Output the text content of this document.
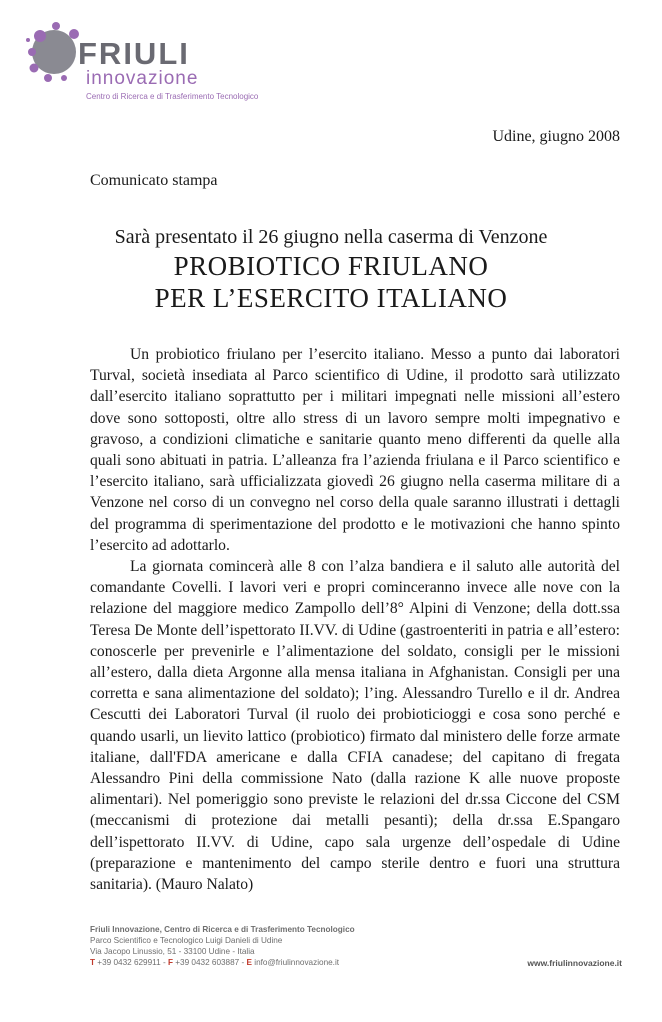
FRIULI
innovazione
Centro di Ricerca e di Trasferimento Tecnologico
Udine, giugno 2008
Comunicato stampa
Sarà presentato il 26 giugno nella caserma di Venzone
PROBIOTICO FRIULANO
PER L’ESERCITO ITALIANO

Un probiotico friulano per l’esercito italiano. Messo a punto dai laboratori Turval, società insediata al Parco scientifico di Udine, il prodotto sarà utilizzato dall’esercito italiano soprattutto per i militari impegnati nelle missioni all’estero dove sono sottoposti, oltre allo stress di un lavoro sempre molti impegnativo e gravoso, a condizioni climatiche e sanitarie quanto meno differenti da quelle alla quali sono abituati in patria. L’alleanza fra l’azienda friulana e il Parco scientifico e l’esercito italiano, sarà ufficializzata giovedì 26 giugno nella caserma militare di a Venzone nel corso di un convegno nel corso della quale saranno illustrati i dettagli del programma di sperimentazione del prodotto e le motivazioni che hanno spinto l’esercito ad adottarlo.

La giornata comincerà alle 8 con l’alza bandiera e il saluto alle autorità del comandante Covelli. I lavori veri e propri cominceranno invece alle nove con la relazione del maggiore medico Zampollo dell’8° Alpini di Venzone; della dott.ssa Teresa De Monte dell’ispettorato II.VV. di Udine (gastroenteriti in patria e all’estero: conoscerle per prevenirle e l’alimentazione del soldato, consigli per le missioni all’estero, dalla dieta Argonne alla mensa italiana in Afghanistan. Consigli per una corretta e sana alimentazione del soldato); l’ing. Alessandro Turello e il dr. Andrea Cescutti dei Laboratori Turval (il ruolo dei probioticioggi e cosa sono perché e quando usarli, un lievito lattico (probiotico) firmato dal ministero delle forze armate italiane, dall'FDA americane e dalla CFIA canadese; del capitano di fregata Alessandro Pini della commissione Nato (dalla razione K alle nuove proposte alimentari). Nel pomeriggio sono previste le relazioni del dr.ssa Ciccone del CSM (meccanismi di protezione dai metalli pesanti); della dr.ssa E.Spangaro dell’ispettorato II.VV. di Udine, capo sala urgenze dell’ospedale di Udine (preparazione e mantenimento del campo sterile dentro e fuori una struttura sanitaria). (Mauro Nalato)

Friuli Innovazione, Centro di Ricerca e di Trasferimento Tecnologico
Parco Scientifico e Tecnologico Luigi Danieli di Udine
Via Jacopo Linussio, 51 - 33100 Udine - Italia
T +39 0432 629911 - F +39 0432 603887 - E info@friulinnovazione.it	www.friulinnovazione.it
